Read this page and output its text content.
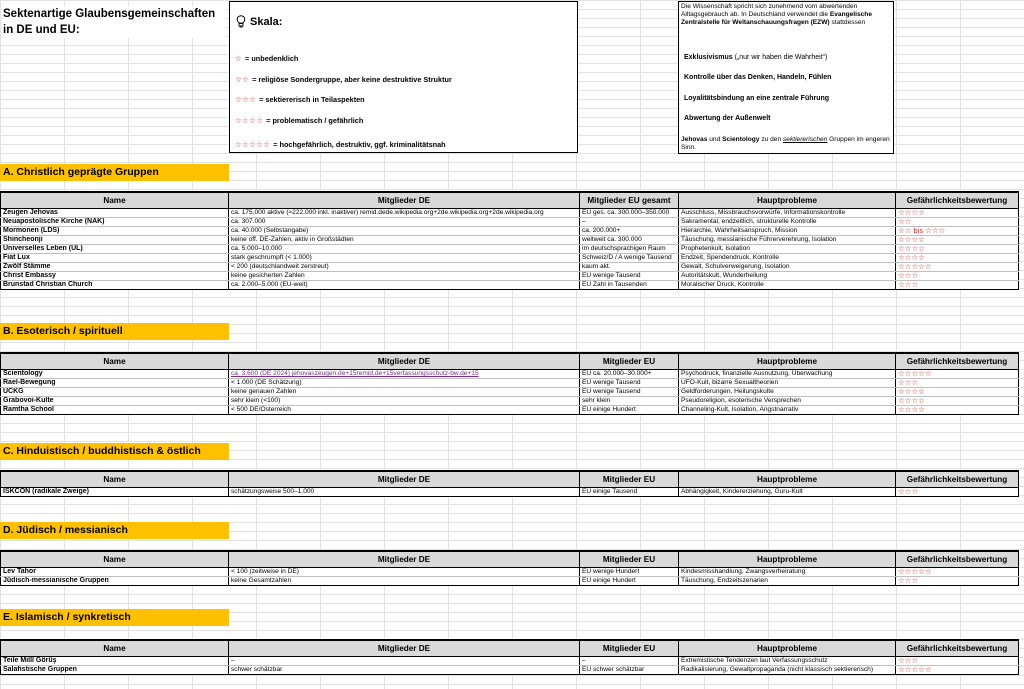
Sektenartige Glaubensgemeinschaften in DE und EU:
Skala:
☆ = unbedenklich
☆☆ = religiöse Sondergruppe, aber keine destruktive Struktur
☆☆☆ = sektiererisch in Teilaspekten
☆☆☆☆ = problematisch / gefährlich
☆☆☆☆☆ = hochgefährlich, destruktiv, ggf. kriminalitätsnah
Die Wissenschaft spricht sich zunehmend vom abwertenden Alltagsgebrauch ab. In Deutschland verwendet die Evangelische Zentralstelle für Weltanschauungsfragen (EZW) stattdessen
Exklusivismus („nur wir haben die Wahrheit“)
Kontrolle über das Denken, Handeln, Fühlen
Loyalitätsbindung an eine zentrale Führung
Abwertung der Außenwelt
Jehovas und Scientology zu den sektiererischen Gruppen im engeren Sinn.
A. Christlich geprägte Gruppen
Name	Mitglieder DE	Mitglieder EU gesamt	Hauptprobleme	Gefährlichkeitsbewertung
Zeugen Jehovas	ca. 175.000 aktive (≈222.000 inkl. inaktiver) remid.dede.wikipedia.org+2de.wikipedia.org+2de.wikipedia.org	EU ges. ca. 300.000–350.000	Ausschluss, Missbrauchsvorwürfe, Informationskontrolle	☆☆☆☆
Neuapostolische Kirche (NAK)	ca. 307.000	–	Sakramental, endzeitlich, strukturelle Kontrolle	☆☆
Mormonen (LDS)	ca. 40.000 (Selbstangabe)	ca. 200.000+	Hierarchie, Wahrheitsanspruch, Mission	☆☆ bis ☆☆☆
Shincheonji	keine off. DE-Zahlen, aktiv in Großstädten	weltweit ca. 300.000	Täuschung, messianische Führerverehrung, Isolation	☆☆☆☆
Universelles Leben (UL)	ca. 5.000–10.000	im deutschsprachigen Raum	Prophetenkult, Isolation	☆☆☆☆
Fiat Lux	stark geschrumpft (< 1.000)	Schweiz/D / A wenige Tausend	Endzeit, Spendendruck, Kontrolle	☆☆☆☆
Zwölf Stämme	< 200 (deutschlandweit zerstreut)	kaum akt.	Gewalt, Schulverweigerung, Isolation	☆☆☆☆☆
Christ Embassy	keine gesicherten Zahlen	EU wenige Tausend	Autoritätskult, Wunderheilung	☆☆☆
Brunstad Christian Church	ca. 2.000–5.000 (EU-weit)	EU Zahl in Tausenden	Moralischer Druck, Kontrolle	☆☆☆
B. Esoterisch / spirituell
Name	Mitglieder DE	Mitglieder EU	Hauptprobleme	Gefährlichkeitsbewertung
Scientology	ca. 3.600 (DE 2024) jehovaszeugen.de+15remid.de+15verfassungsschutz-bw.de+15	EU ca. 20.000–30.000+	Psychodruck, finanzielle Ausnutzung, Überwachung	☆☆☆☆☆
Rael-Bewegung	< 1.000 (DE Schätzung)	EU wenige Tausend	UFO-Kult, bizarre Sexualtheorien	☆☆☆
UCKG	keine genauen Zahlen	EU wenige Tausend	Geldforderungen, Heilungskulte	☆☆☆☆
Grabovoi-Kulte	sehr klein (<100)	sehr klein	Pseudoreligion, esoterische Versprechen	☆☆☆☆
Ramtha School	< 500 DE/Österreich	EU einige Hundert	Channeling-Kult, Isolation, Angstnarrativ	☆☆☆☆
C. Hinduistisch / buddhistisch & östlich
Name	Mitglieder DE	Mitglieder EU	Hauptprobleme	Gefährlichkeitsbewertung
ISKCON (radikale Zweige)	schätzungsweise 500–1.000	EU einige Tausend	Abhängigkeit, Kindererziehung, Guru-Kult	☆☆☆
D. Jüdisch / messianisch
Name	Mitglieder DE	Mitglieder EU	Hauptprobleme	Gefährlichkeitsbewertung
Lev Tahor	< 100 (zeitweise in DE)	EU wenige Hundert	Kindesmisshandlung, Zwangsverheiratung	☆☆☆☆☆
Jüdisch-messianische Gruppen	keine Gesamtzahlen	EU einige Hundert	Täuschung, Endzeitszenarien	☆☆☆
E. Islamisch / synkretisch
Name	Mitglieder DE	Mitglieder EU	Hauptprobleme	Gefährlichkeitsbewertung
Teile Millî Görüş	–	–	Extremistische Tendenzen laut Verfassungsschutz	☆☆☆
Salafistische Gruppen	schwer schätzbar	EU schwer schätzbar	Radikalisierung, Gewaltpropaganda (nicht klassisch sektiererisch)	☆☆☆☆☆
